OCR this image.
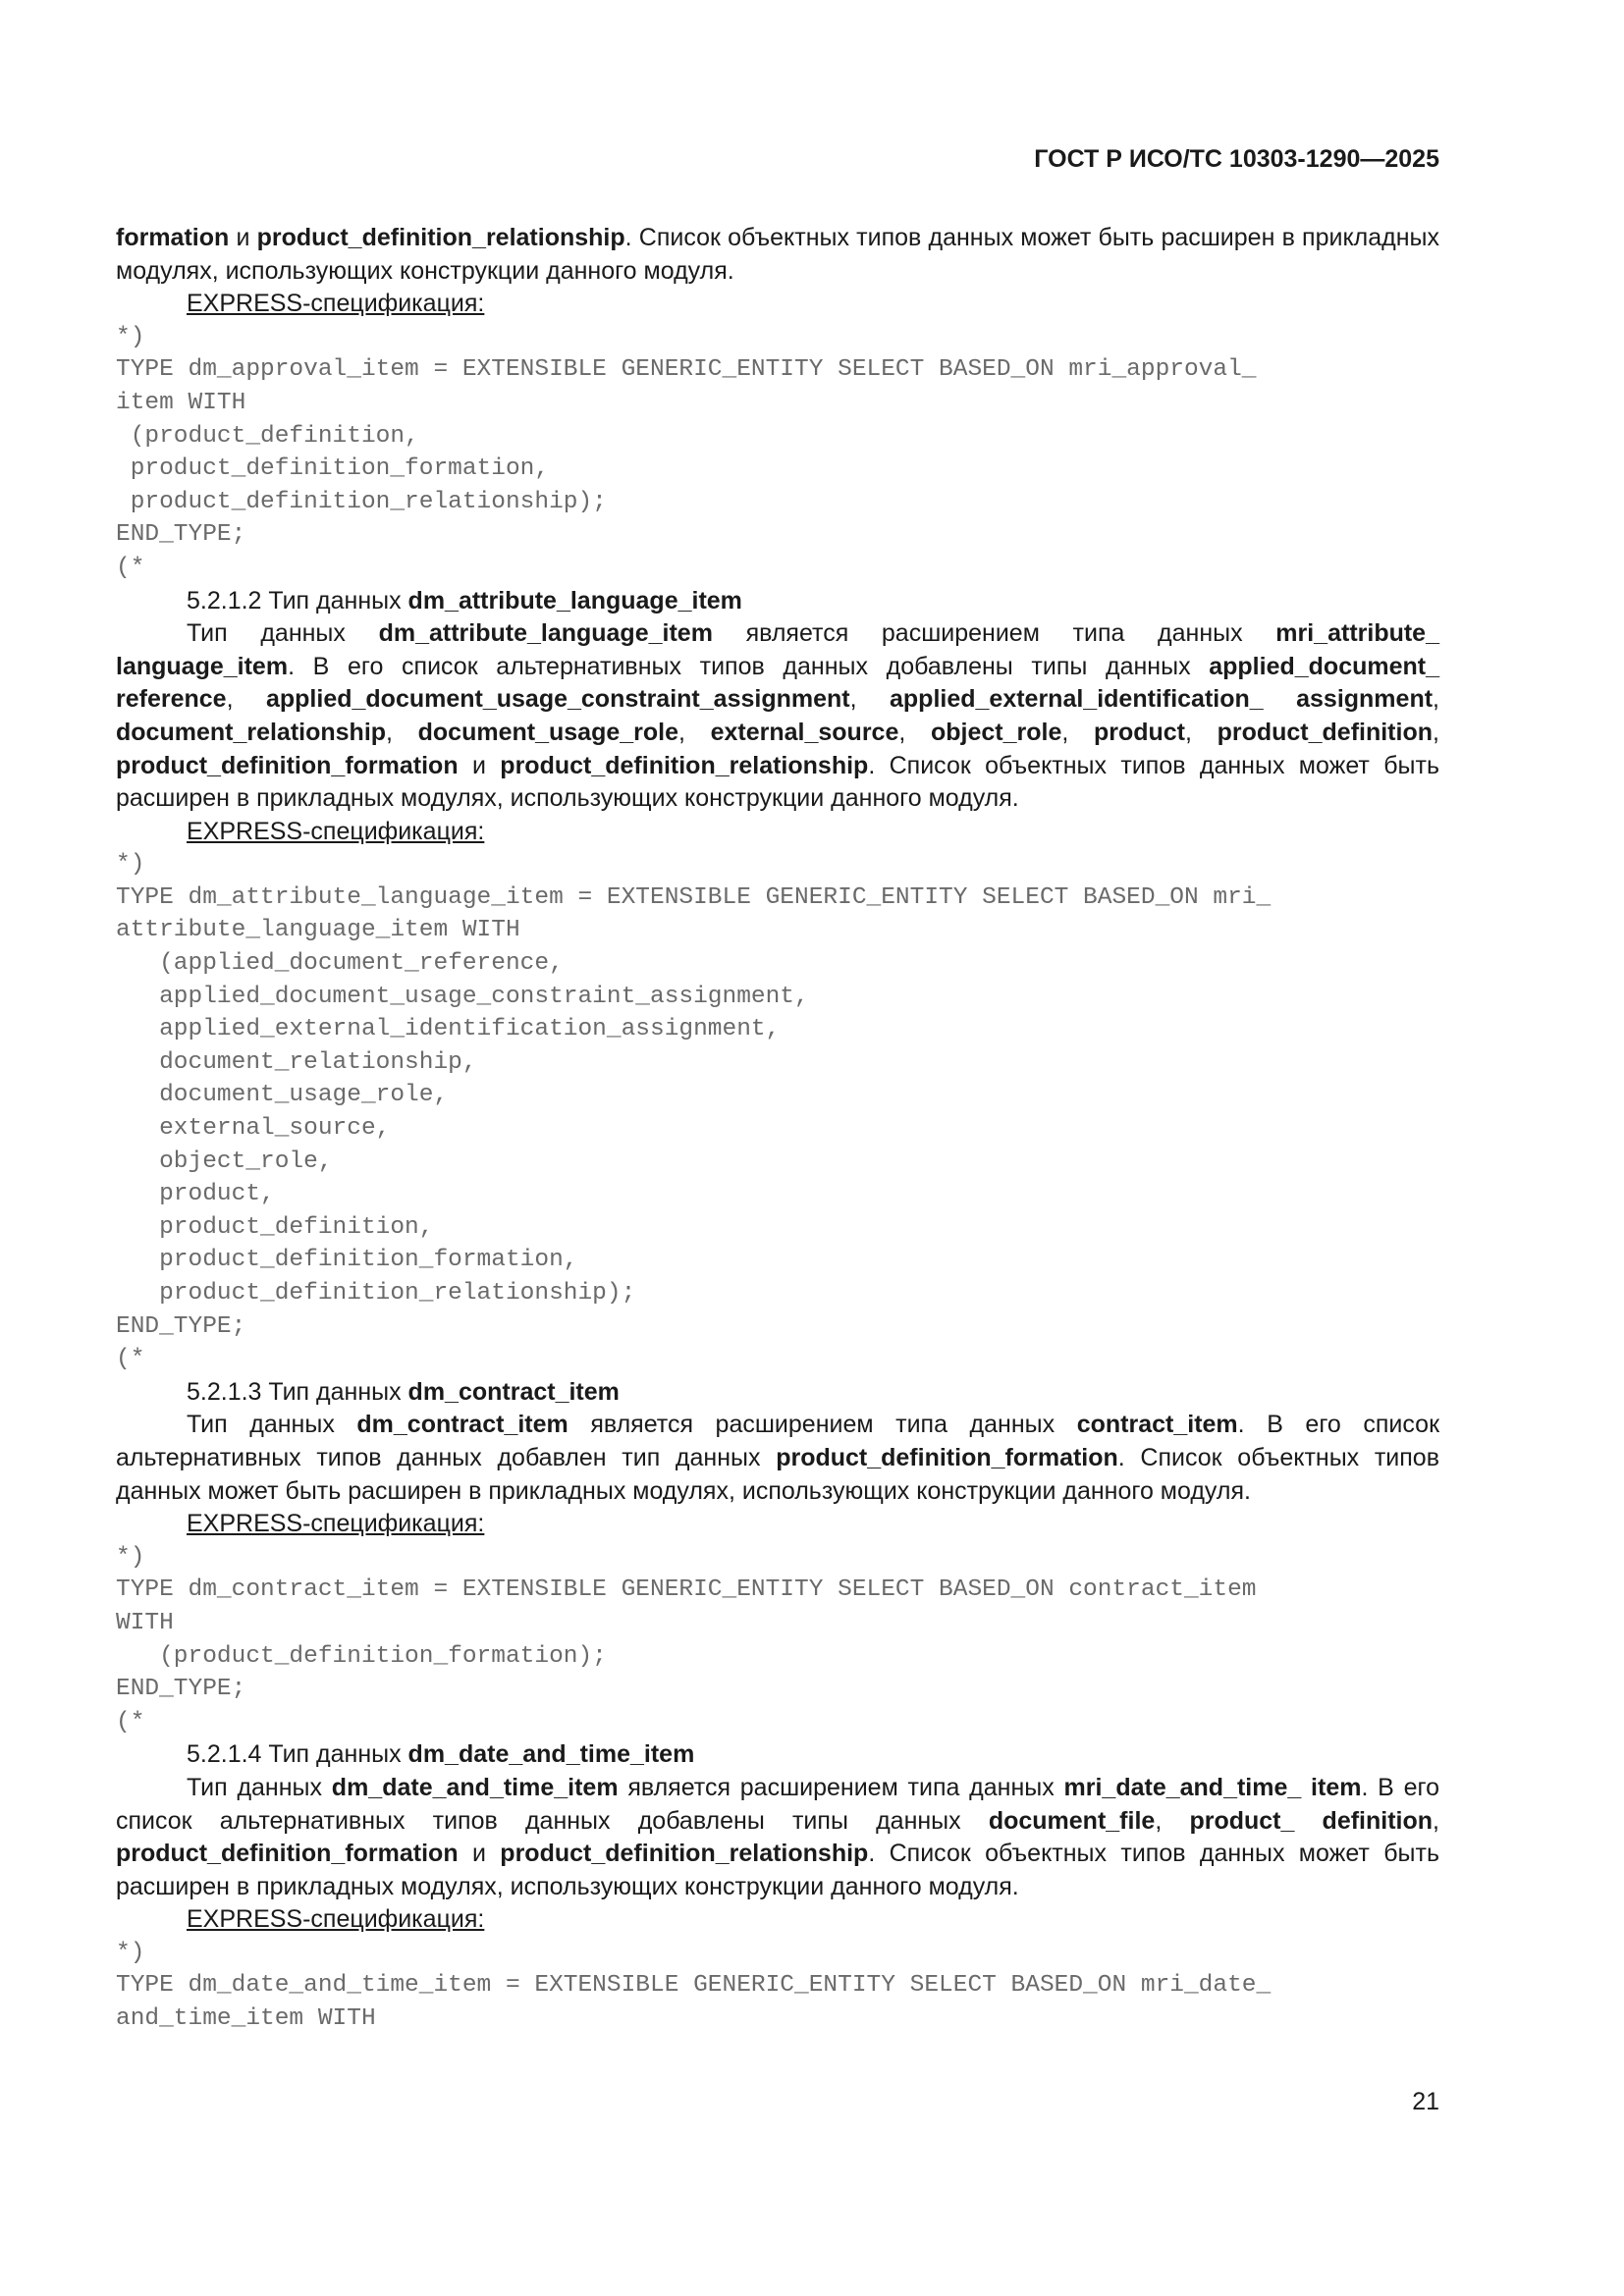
ГОСТ Р ИСО/ТС 10303-1290—2025

formation и product_definition_relationship. Список объектных типов данных может быть расширен в прикладных модулях, использующих конструкции данного модуля.

EXPRESS-спецификация:

*)
TYPE dm_approval_item = EXTENSIBLE GENERIC_ENTITY SELECT BASED_ON mri_approval_
item WITH
(product_definition,
product_definition_formation,
product_definition_relationship);
END_TYPE;
(*

5.2.1.2 Тип данных dm_attribute_language_item

Тип данных dm_attribute_language_item является расширением типа данных mri_attribute_ language_item. В его список альтернативных типов данных добавлены типы данных applied_document_ reference, applied_document_usage_constraint_assignment, applied_external_identification_ assignment, document_relationship, document_usage_role, external_source, object_role, product, product_definition, product_definition_formation и product_definition_relationship. Список объектных типов данных может быть расширен в прикладных модулях, использующих конструкции данного модуля.

EXPRESS-спецификация:

*)
TYPE dm_attribute_language_item = EXTENSIBLE GENERIC_ENTITY SELECT BASED_ON mri_
attribute_language_item WITH
(applied_document_reference,
applied_document_usage_constraint_assignment,
applied_external_identification_assignment,
document_relationship,
document_usage_role,
external_source,
object_role,
product,
product_definition,
product_definition_formation,
product_definition_relationship);
END_TYPE;
(*

5.2.1.3 Тип данных dm_contract_item

Тип данных dm_contract_item является расширением типа данных contract_item. В его список альтернативных типов данных добавлен тип данных product_definition_formation. Список объектных типов данных может быть расширен в прикладных модулях, использующих конструкции данного модуля.

EXPRESS-спецификация:

*)
TYPE dm_contract_item = EXTENSIBLE GENERIC_ENTITY SELECT BASED_ON contract_item
WITH
(product_definition_formation);
END_TYPE;
(*

5.2.1.4 Тип данных dm_date_and_time_item

Тип данных dm_date_and_time_item является расширением типа данных mri_date_and_time_ item. В его список альтернативных типов данных добавлены типы данных document_file, product_ definition, product_definition_formation и product_definition_relationship. Список объектных типов данных может быть расширен в прикладных модулях, использующих конструкции данного модуля.

EXPRESS-спецификация:

*)
TYPE dm_date_and_time_item = EXTENSIBLE GENERIC_ENTITY SELECT BASED_ON mri_date_
and_time_item WITH

21
